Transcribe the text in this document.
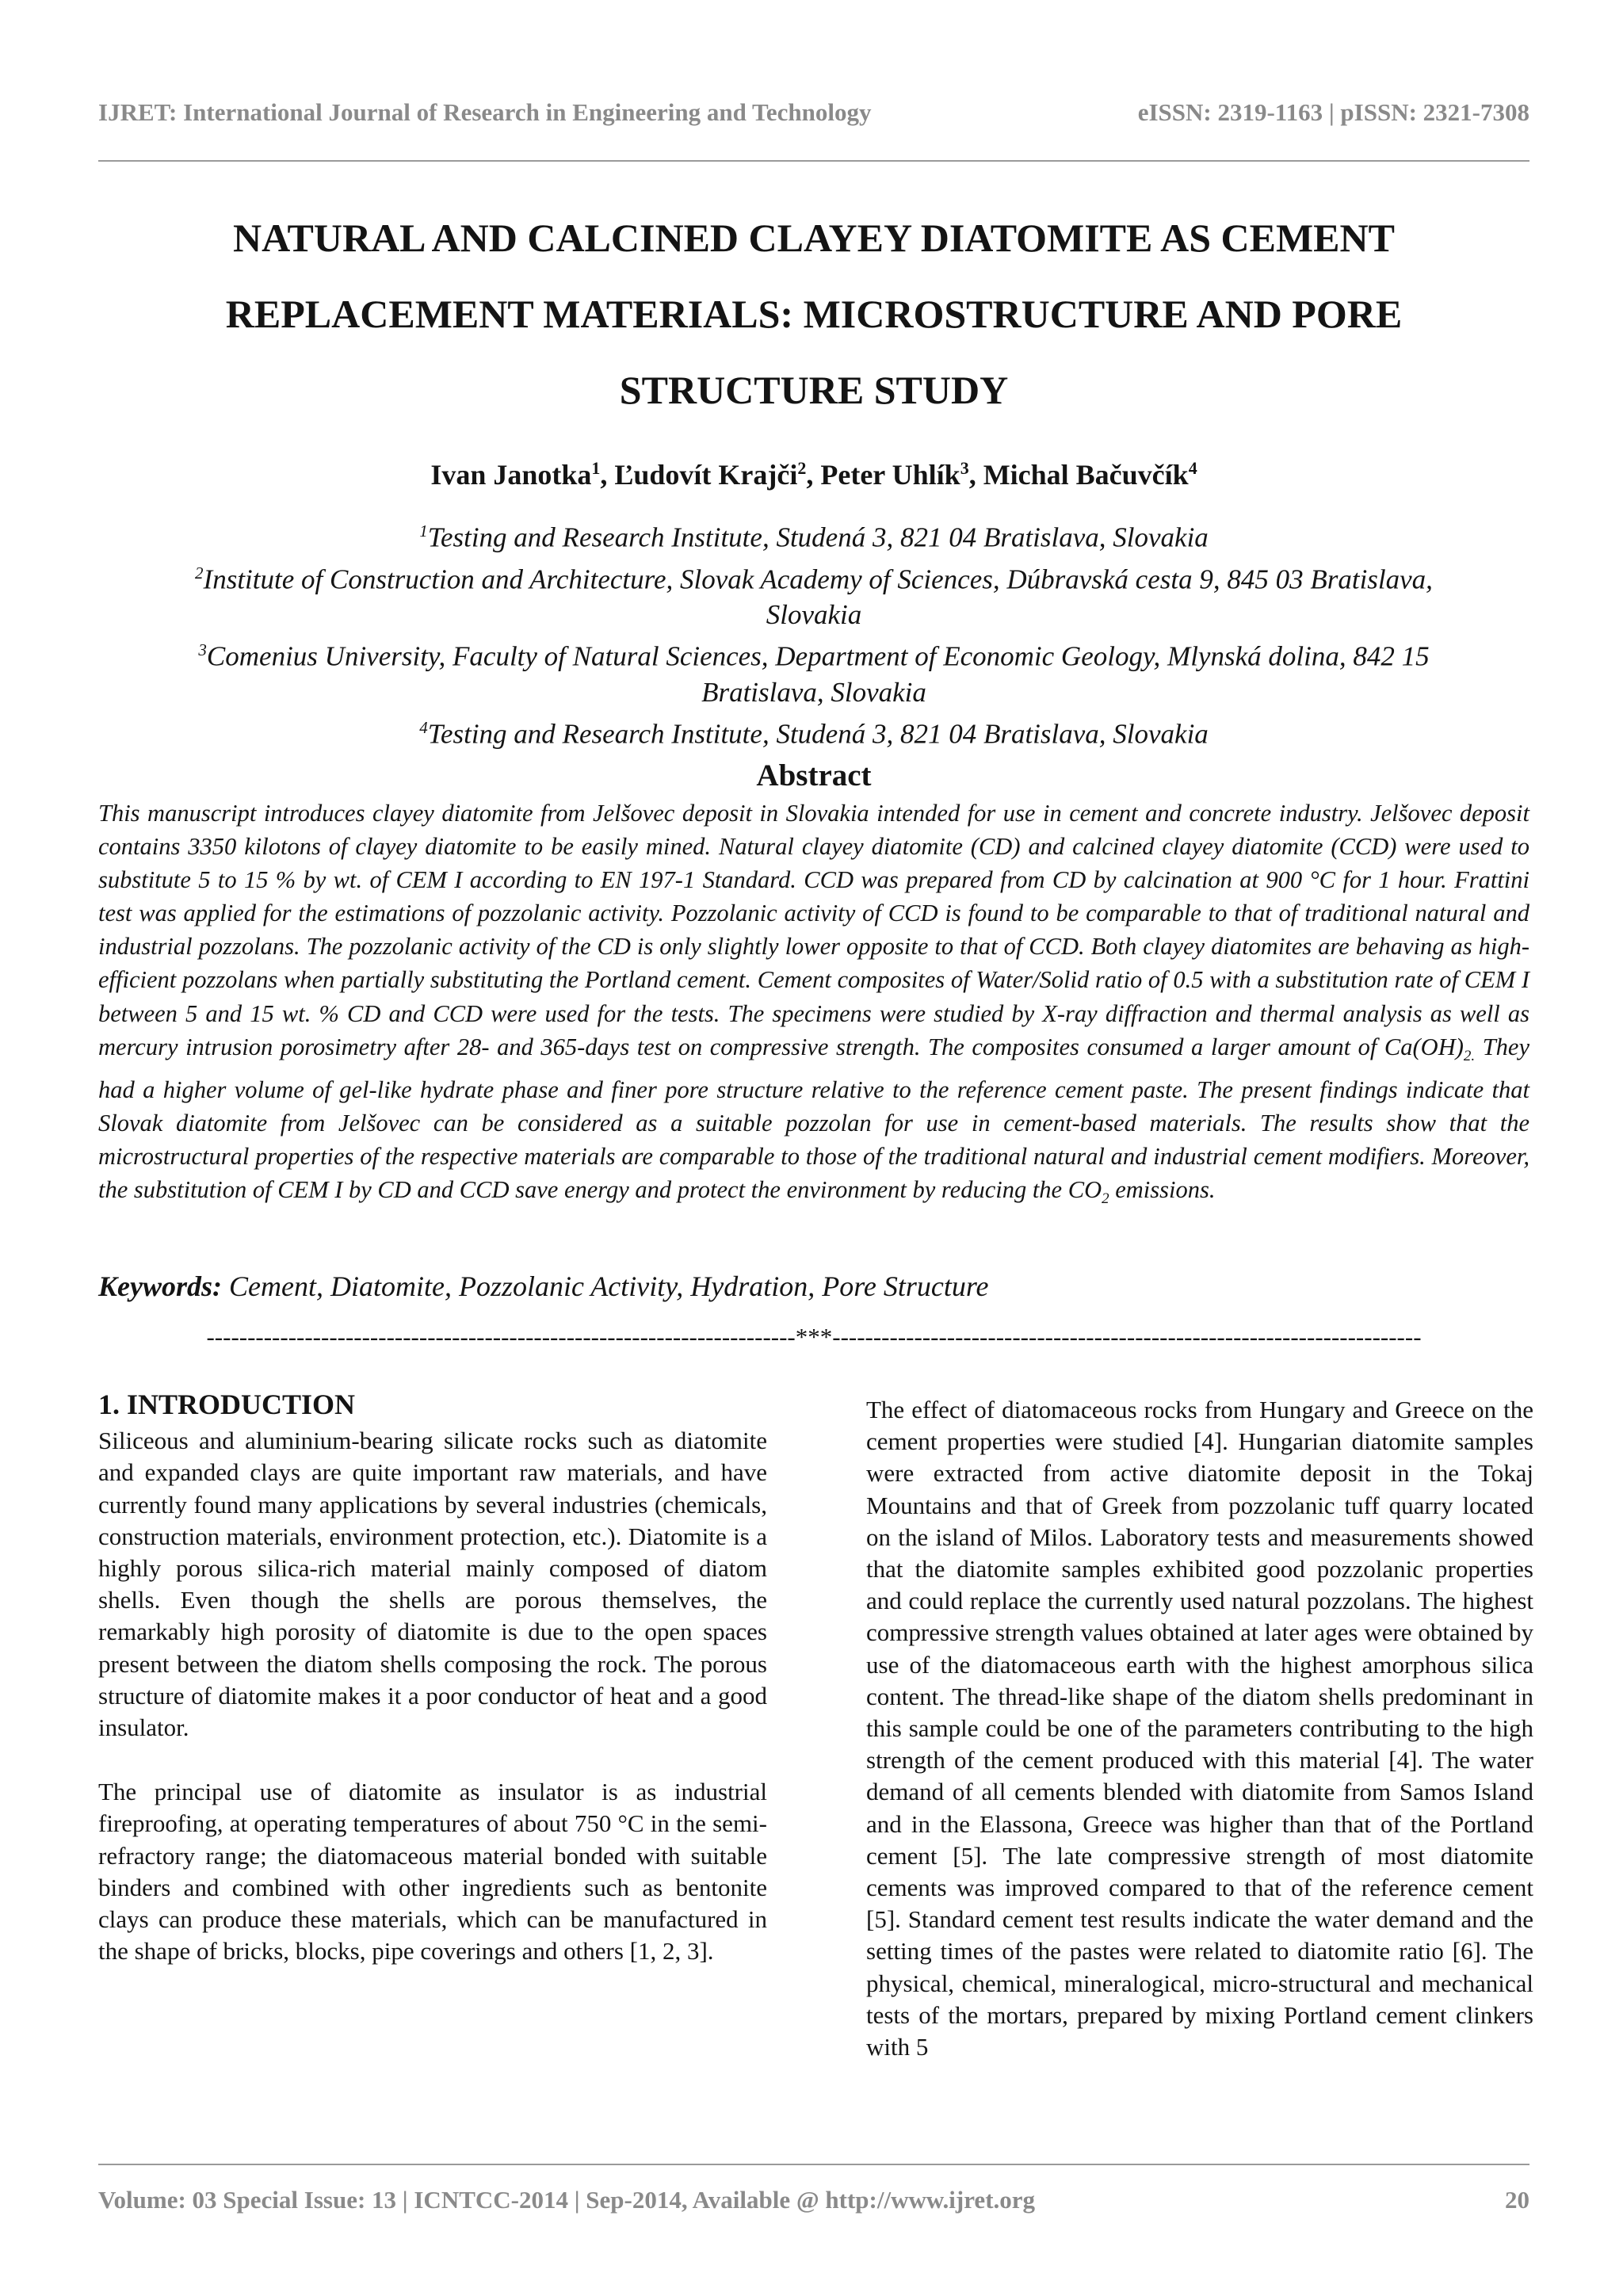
IJRET: International Journal of Research in Engineering and Technology	eISSN: 2319-1163 | pISSN: 2321-7308
NATURAL AND CALCINED CLAYEY DIATOMITE AS CEMENT
REPLACEMENT MATERIALS: MICROSTRUCTURE AND PORE
STRUCTURE STUDY
Ivan Janotka$^1$, Ľudovít Krajči$^2$, Peter Uhlík$^3$, Michal Bačuvčík$^4$
$^1$Testing and Research Institute, Studená 3, 821 04 Bratislava, Slovakia
$^2$Institute of Construction and Architecture, Slovak Academy of Sciences, Dúbravská cesta 9, 845 03 Bratislava,
Slovakia
$^3$Comenius University, Faculty of Natural Sciences, Department of Economic Geology, Mlynská dolina, 842 15
Bratislava, Slovakia
$^4$Testing and Research Institute, Studená 3, 821 04 Bratislava, Slovakia
Abstract
This manuscript introduces clayey diatomite from Jelšovec deposit in Slovakia intended for use in cement and concrete industry. Jelšovec deposit contains 3350 kilotons of clayey diatomite to be easily mined. Natural clayey diatomite (CD) and calcined clayey diatomite (CCD) were used to substitute 5 to 15 % by wt. of CEM I according to EN 197-1 Standard. CCD was prepared from CD by calcination at 900 °C for 1 hour. Frattini test was applied for the estimations of pozzolanic activity. Pozzolanic activity of CCD is found to be comparable to that of traditional natural and industrial pozzolans. The pozzolanic activity of the CD is only slightly lower opposite to that of CCD. Both clayey diatomites are behaving as high-efficient pozzolans when partially substituting the Portland cement. Cement composites of Water/Solid ratio of 0.5 with a substitution rate of CEM I between 5 and 15 wt. % CD and CCD were used for the tests. The specimens were studied by X-ray diffraction and thermal analysis as well as mercury intrusion porosimetry after 28- and 365-days test on compressive strength. The composites consumed a larger amount of $Ca(OH)_{2.}$ They had a higher volume of gel-like hydrate phase and finer pore structure relative to the reference cement paste. The present findings indicate that Slovak diatomite from Jelšovec can be considered as a suitable pozzolan for use in cement-based materials. The results show that the microstructural properties of the respective materials are comparable to those of the traditional natural and industrial cement modifiers. Moreover, the substitution of CEM I by CD and CCD save energy and protect the environment by reducing the $CO_2$ emissions.
Keywords: Cement, Diatomite, Pozzolanic Activity, Hydration, Pore Structure
------------------------------------------------------------------------***------------------------------------------------------------------------
1. INTRODUCTION

Siliceous and aluminium-bearing silicate rocks such as diatomite and expanded clays are quite important raw materials, and have currently found many applications by several industries (chemicals, construction materials, environment protection, etc.). Diatomite is a highly porous silica-rich material mainly composed of diatom shells. Even though the shells are porous themselves, the remarkably high porosity of diatomite is due to the open spaces present between the diatom shells composing the rock. The porous structure of diatomite makes it a poor conductor of heat and a good insulator.

The principal use of diatomite as insulator is as industrial fireproofing, at operating temperatures of about 750 °C in the semi-refractory range; the diatomaceous material bonded with suitable binders and combined with other ingredients such as bentonite clays can produce these materials, which can be manufactured in the shape of bricks, blocks, pipe coverings and others [1, 2, 3].

The effect of diatomaceous rocks from Hungary and Greece on the cement properties were studied [4]. Hungarian diatomite samples were extracted from active diatomite deposit in the Tokaj Mountains and that of Greek from pozzolanic tuff quarry located on the island of Milos. Laboratory tests and measurements showed that the diatomite samples exhibited good pozzolanic properties and could replace the currently used natural pozzolans. The highest compressive strength values obtained at later ages were obtained by use of the diatomaceous earth with the highest amorphous silica content. The thread-like shape of the diatom shells predominant in this sample could be one of the parameters contributing to the high strength of the cement produced with this material [4]. The water demand of all cements blended with diatomite from Samos Island and in the Elassona, Greece was higher than that of the Portland cement [5]. The late compressive strength of most diatomite cements was improved compared to that of the reference cement [5]. Standard cement test results indicate the water demand and the setting times of the pastes were related to diatomite ratio [6]. The physical, chemical, mineralogical, micro-structural and mechanical tests of the mortars, prepared by mixing Portland cement clinkers with 5

Volume: 03 Special Issue: 13 | ICNTCC-2014 | Sep-2014, Available @ http://www.ijret.org	20
